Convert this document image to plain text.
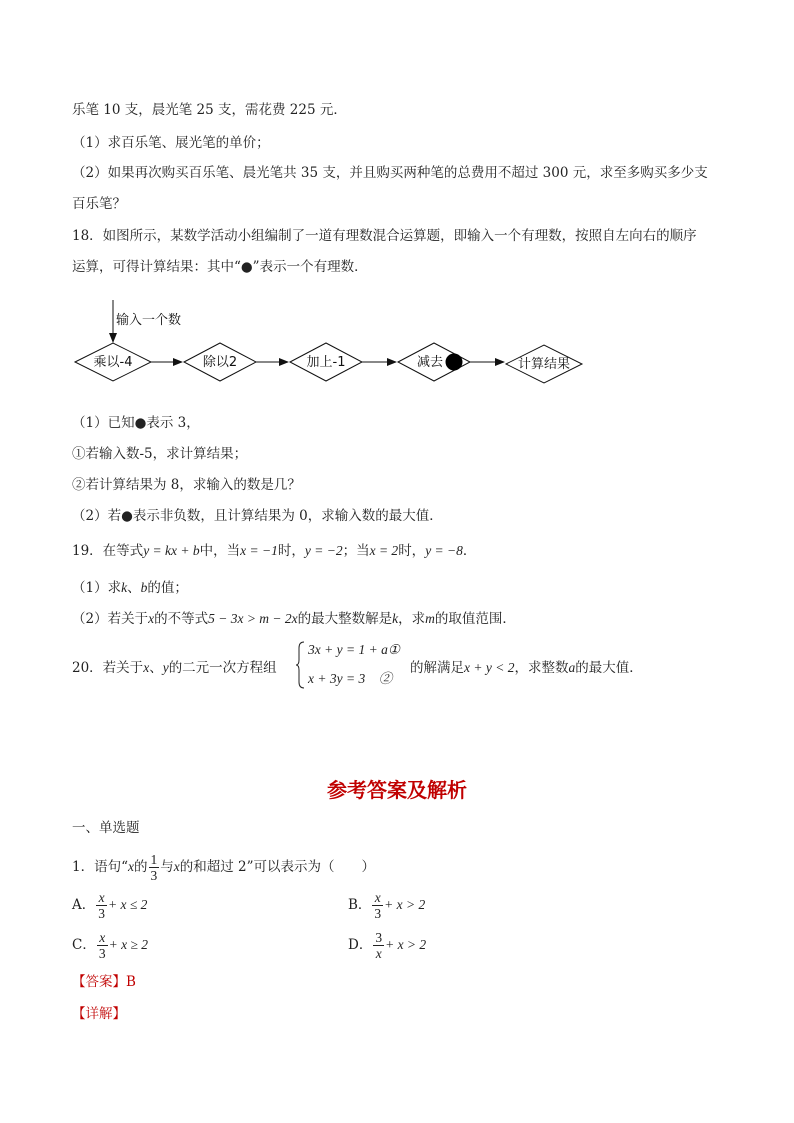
乐笔 10 支，晨光笔 25 支，需花费 225 元．
（1）求百乐笔、展光笔的单价；
（2）如果再次购买百乐笔、晨光笔共 35 支，并且购买两种笔的总费用不超过 300 元，求至多购买多少支
百乐笔？
18．如图所示，某数学活动小组编制了一道有理数混合运算题，即输入一个有理数，按照自左向右的顺序
运算，可得计算结果：其中“●”表示一个有理数．
输入一个数
乘以-4	除以2	加上-1	减去	计算结果
（1）已知●表示 3，
①若输入数-5，求计算结果；
②若计算结果为 8，求输入的数是几？
（2）若●表示非负数，且计算结果为 0，求输入数的最大值．
19．在等式y = kx + b中，当x = −1时，y = −2；当x = 2时，y = −8．
（1）求k、b的值；
（2）若关于x的不等式5 − 3x > m − 2x的最大整数解是k，求m的取值范围．
20．若关于x、y的二元一次方程组
3x + y = 1 + a①
x + 3y = 3　②
的解满足x + y < 2，求整数a的最大值．
参考答案及解析
一、单选题
1．语句“x的 $\frac{1}{3}$ 与x的和超过 2”可以表示为（　　）
A． $\frac{x}{3} + x \le 2$	B． $\frac{x}{3} + x > 2$
C． $\frac{x}{3} + x \ge 2$	D． $\frac{3}{x} + x > 2$
【答案】B
【详解】
